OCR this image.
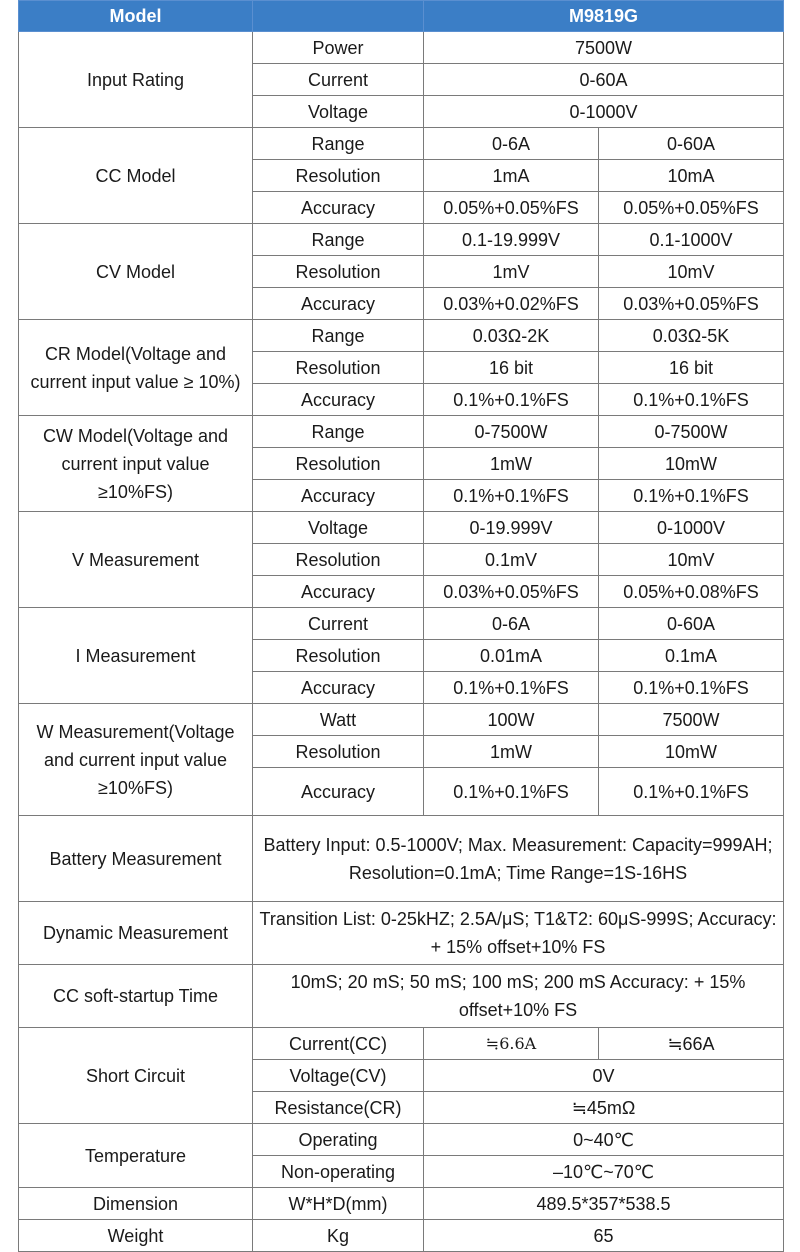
Model		M9819G	
Input Rating	Power	7500W	
	Current	0-60A	
	Voltage	0-1000V	
CC Model	Range	0-6A	0-60A
	Resolution	1mA	10mA
	Accuracy	0.05%+0.05%FS	0.05%+0.05%FS
CV Model	Range	0.1-19.999V	0.1-1000V
	Resolution	1mV	10mV
	Accuracy	0.03%+0.02%FS	0.03%+0.05%FS
CR Model(Voltage and current input value ≥ 10%)	Range	0.03Ω-2K	0.03Ω-5K
	Resolution	16 bit	16 bit
	Accuracy	0.1%+0.1%FS	0.1%+0.1%FS
CW Model(Voltage and current input value ≥10%FS)	Range	0-7500W	0-7500W
	Resolution	1mW	10mW
	Accuracy	0.1%+0.1%FS	0.1%+0.1%FS
V Measurement	Voltage	0-19.999V	0-1000V
	Resolution	0.1mV	10mV
	Accuracy	0.03%+0.05%FS	0.05%+0.08%FS
I Measurement	Current	0-6A	0-60A
	Resolution	0.01mA	0.1mA
	Accuracy	0.1%+0.1%FS	0.1%+0.1%FS
W Measurement(Voltage and current input value ≥10%FS)	Watt	100W	7500W
	Resolution	1mW	10mW
	Accuracy	0.1%+0.1%FS	0.1%+0.1%FS
Battery Measurement	Battery Input: 0.5-1000V; Max. Measurement: Capacity=999AH; Resolution=0.1mA; Time Range=1S-16HS		
Dynamic Measurement	Transition List: 0-25kHZ; 2.5A/μS; T1&T2: 60μS-999S; Accuracy: + 15% offset+10% FS		
CC soft-startup Time	10mS; 20 mS; 50 mS; 100 mS; 200 mS Accuracy: + 15% offset+10% FS		
Short Circuit	Current(CC)	≒6.6A	≒66A
	Voltage(CV)	0V	
	Resistance(CR)	≒45mΩ	
Temperature	Operating	0~40℃	
	Non-operating	–10℃~70℃	
Dimension	W*H*D(mm)	489.5*357*538.5	
Weight	Kg	65	
